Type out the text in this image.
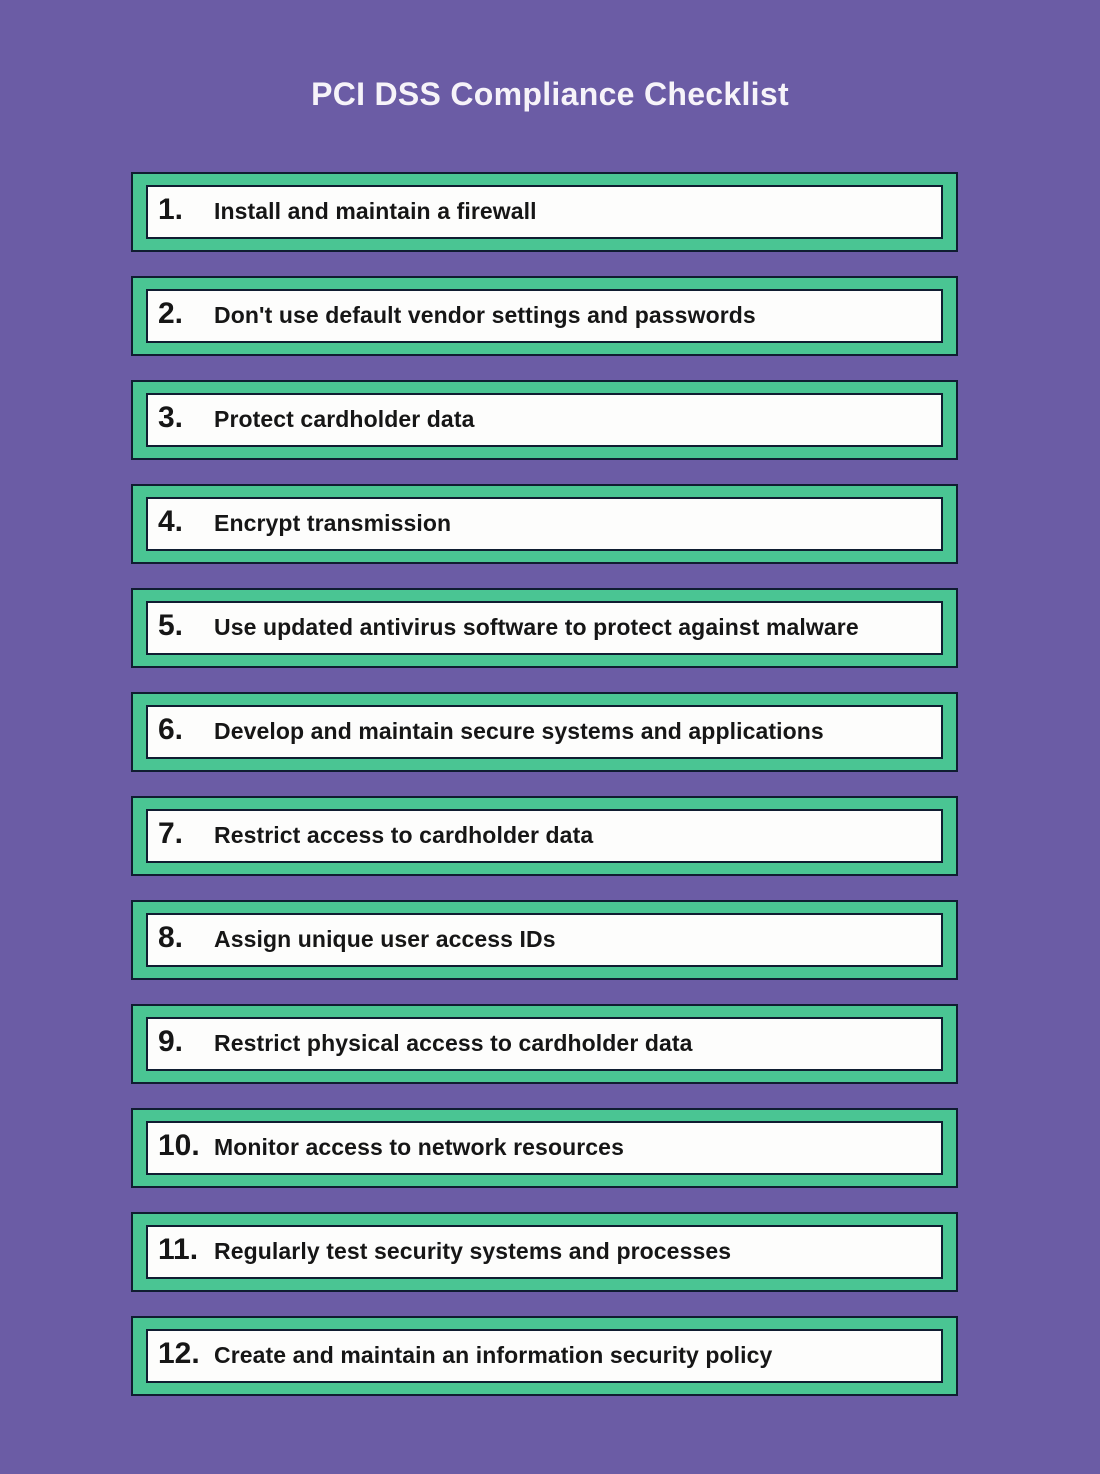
PCI DSS Compliance Checklist
1. Install and maintain a firewall
2. Don't use default vendor settings and passwords
3. Protect cardholder data
4. Encrypt transmission
5. Use updated antivirus software to protect against malware
6. Develop and maintain secure systems and applications
7. Restrict access to cardholder data
8. Assign unique user access IDs
9. Restrict physical access to cardholder data
10. Monitor access to network resources
11. Regularly test security systems and processes
12. Create and maintain an information security policy
